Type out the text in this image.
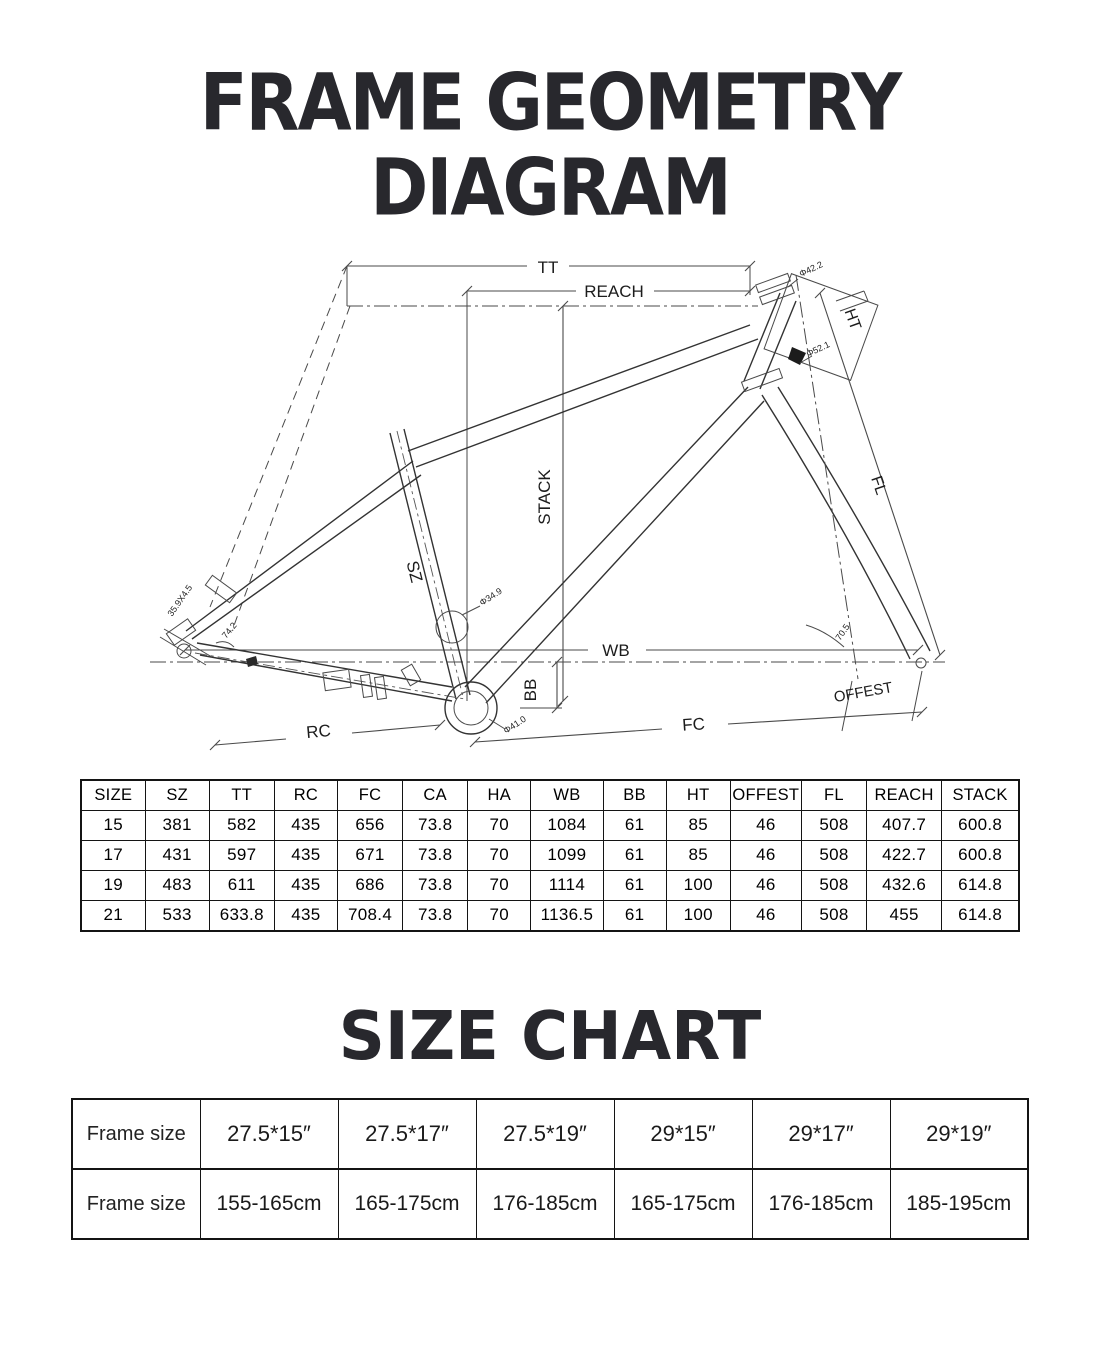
FRAME GEOMETRY
DIAGRAM
TT
REACH
STACK
WB
FC
RC
BB
Φ42.2
Φ52.1
HT
FL
OFFEST
70.5
SZ
Φ34.9
Φ41.0
35.9X4.5
74.2
SIZE	SZ	TT	RC	FC	CA	HA	WB	BB	HT	OFFEST	FL	REACH	STACK
15	381	582	435	656	73.8	70	1084	61	85	46	508	407.7	600.8
17	431	597	435	671	73.8	70	1099	61	85	46	508	422.7	600.8
19	483	611	435	686	73.8	70	1114	61	100	46	508	432.6	614.8
21	533	633.8	435	708.4	73.8	70	1136.5	61	100	46	508	455	614.8
SIZE CHART
Frame size	27.5*15″	27.5*17″	27.5*19″	29*15″	29*17″	29*19″
Frame size	155-165cm	165-175cm	176-185cm	165-175cm	176-185cm	185-195cm
